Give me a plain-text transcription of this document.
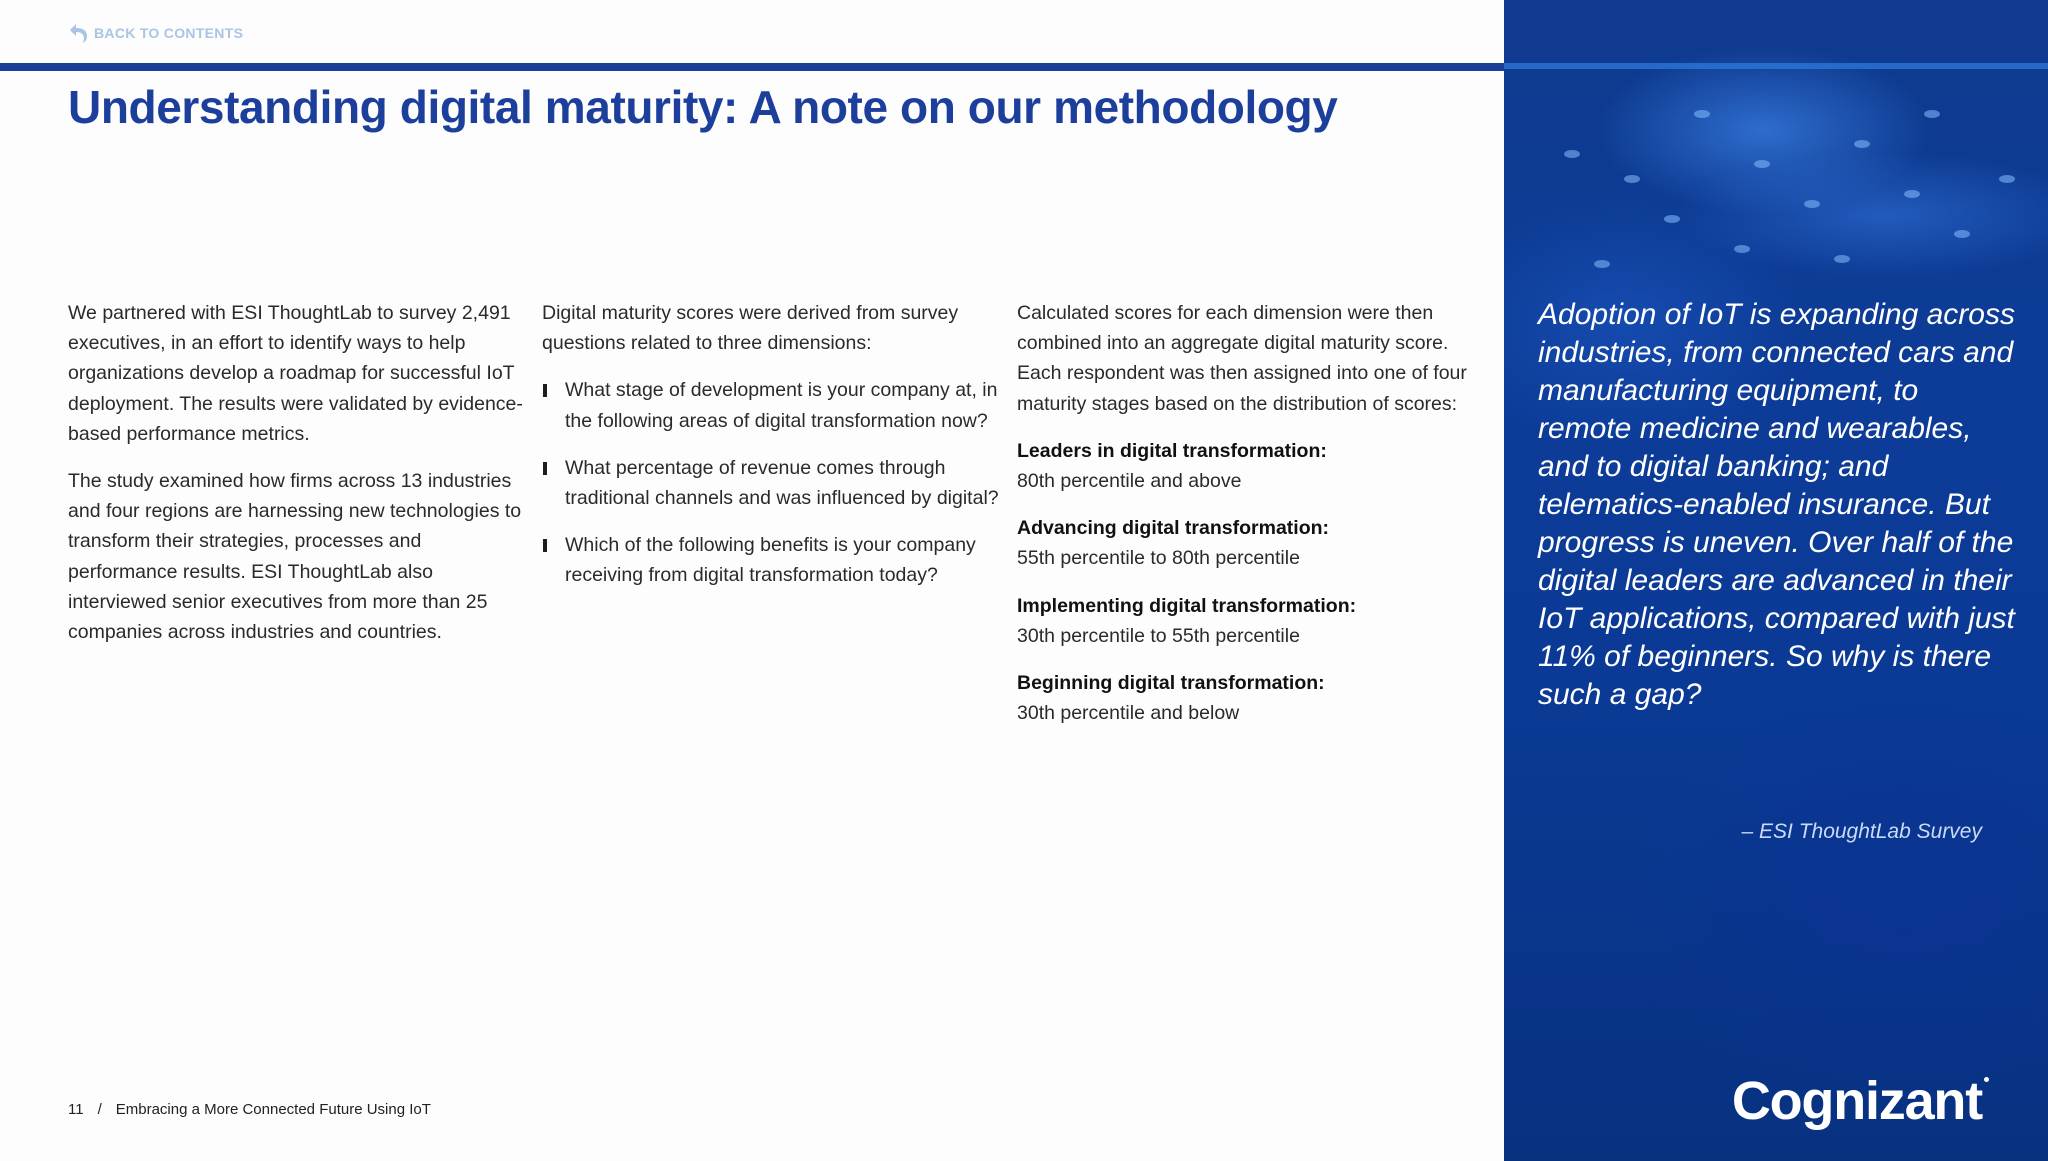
BACK TO CONTENTS
Understanding digital maturity: A note on our methodology

We partnered with ESI ThoughtLab to survey 2,491 executives, in an effort to identify ways to help organizations develop a roadmap for successful IoT deployment. The results were validated by evidence-based performance metrics.

The study examined how firms across 13 industries and four regions are harnessing new technologies to transform their strategies, processes and performance results. ESI ThoughtLab also interviewed senior executives from more than 25 companies across industries and countries.

Digital maturity scores were derived from survey questions related to three dimensions:

What stage of development is your company at, in the following areas of digital transformation now?
What percentage of revenue comes through traditional channels and was influenced by digital?
Which of the following benefits is your company receiving from digital transformation today?

Calculated scores for each dimension were then combined into an aggregate digital maturity score. Each respondent was then assigned into one of four maturity stages based on the distribution of scores:

Leaders in digital transformation:
80th percentile and above
Advancing digital transformation:
55th percentile to 80th percentile
Implementing digital transformation:
30th percentile to 55th percentile
Beginning digital transformation:
30th percentile and below
11 / Embracing a More Connected Future Using IoT

Adoption of IoT is expanding across industries, from connected cars and manufacturing equipment, to remote medicine and wearables, and to digital banking; and telematics-enabled insurance. But progress is uneven. Over half of the digital leaders are advanced in their IoT applications, compared with just 11% of beginners. So why is there such a gap?

– ESI ThoughtLab Survey

Cognizant
